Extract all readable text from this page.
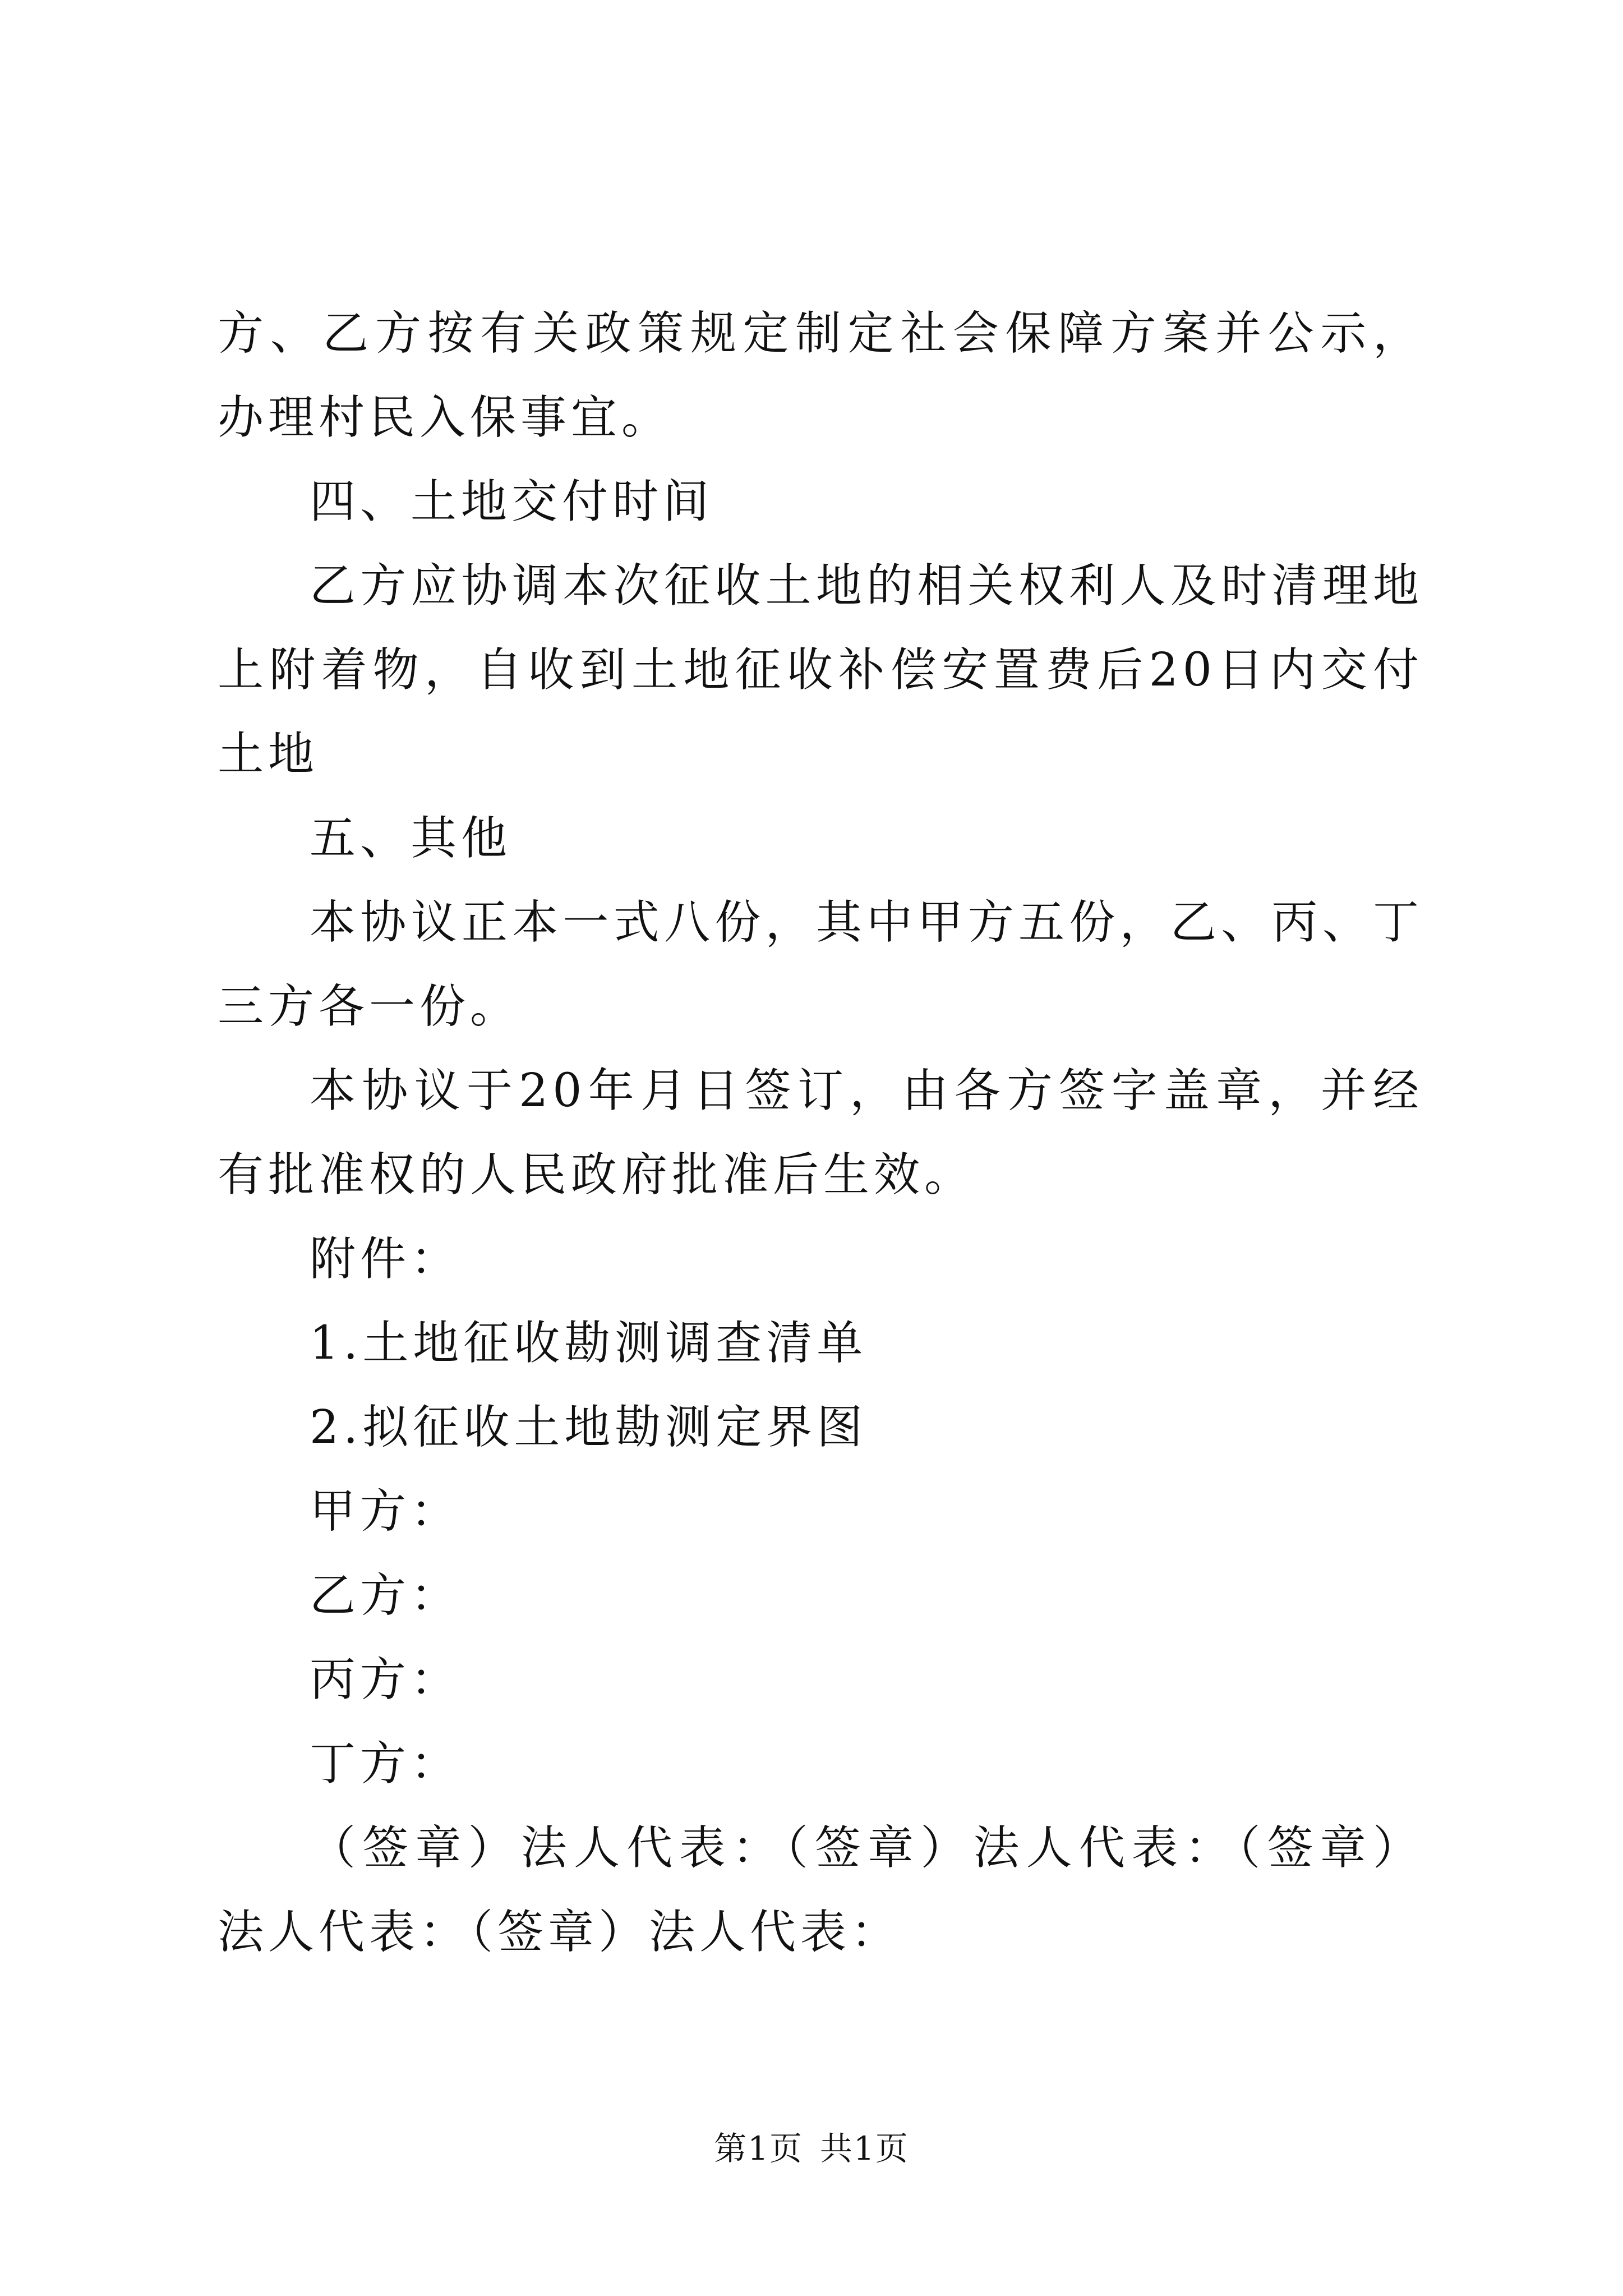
方、乙方按有关政策规定制定社会保障方案并公示，办理村民入保事宜。

四、土地交付时间

乙方应协调本次征收土地的相关权利人及时清理地上附着物，自收到土地征收补偿安置费后20日内交付土地

五、其他

本协议正本一式八份，其中甲方五份，乙、丙、丁三方各一份。

本协议于20年月日签订，由各方签字盖章，并经有批准权的人民政府批准后生效。

附件：

1.土地征收勘测调查清单

2.拟征收土地勘测定界图

甲方：

乙方：

丙方：

丁方：

（签章）法人代表：（签章）法人代表：（签章）法人代表：（签章）法人代表：

第1页 共1页
